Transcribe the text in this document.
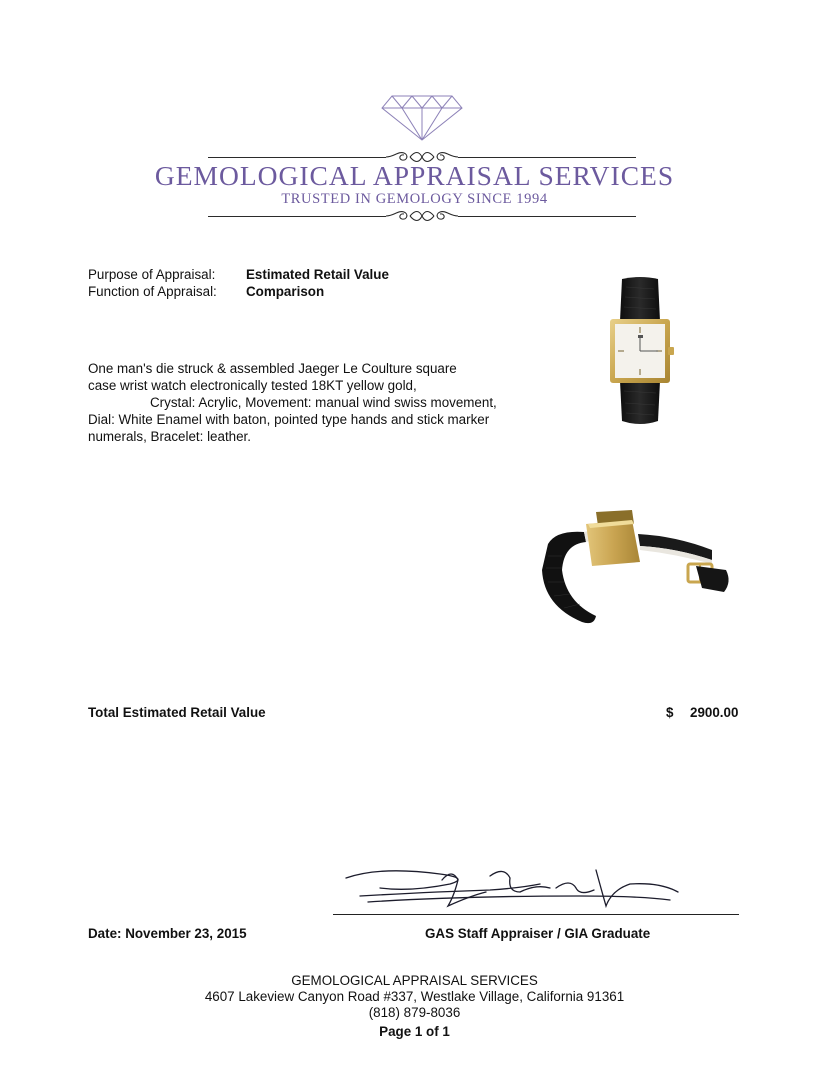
GEMOLOGICAL APPRAISAL SERVICES
TRUSTED IN GEMOLOGY SINCE 1994
Purpose of Appraisal: Estimated Retail Value
Function of Appraisal: Comparison
One man's die struck & assembled Jaeger Le Coulture square
case wrist watch electronically tested 18KT yellow gold,
Crystal: Acrylic, Movement: manual wind swiss movement,
Dial: White Enamel with baton, pointed type hands and stick marker
numerals, Bracelet: leather.
Total Estimated Retail Value	$ 2900.00
Date: November 23, 2015	GAS Staff Appraiser / GIA Graduate
GEMOLOGICAL APPRAISAL SERVICES
4607 Lakeview Canyon Road #337, Westlake Village, California 91361
(818) 879-8036
Page 1 of 1
